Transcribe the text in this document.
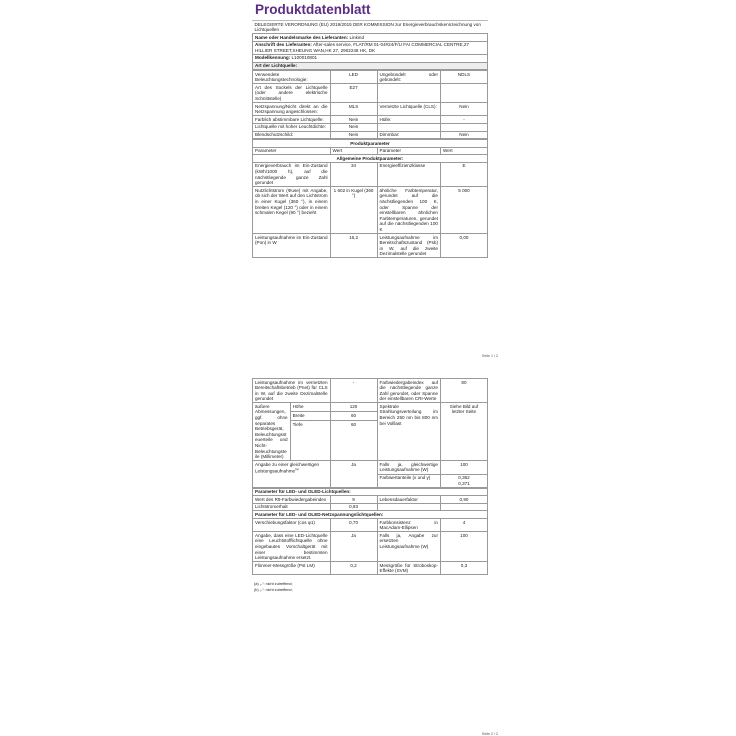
Produktdatenblatt
DELEGIERTE VERORDNUNG (EU) 2019/2015 DER KOMMISSION zur Energieverbrauchskennzeichnung von Lichtquellen
Name oder Handelsmarke des Lieferanten: Linkind
Anschrift des Lieferanten: After-sales service, FLAT/RM 01-04#24/F/U FAI COMMERCIAL CENTRE,27 HILLIER STREET,SHEUNG WAN,HK 27, 2902248 HK, DK
Modellkennung: L100010801
Art der Lichtquelle:
Verwendete Beleuchtungstechnologie:	LED	Ungebündelt oder gebündelt:	NDLS
Art des Sockels der Lichtquelle (oder andere elektrische Schnittstelle)	E27		
Netzspannung/Nicht direkt an die Netzspannung angeschlossen:	MLS	Vernetzte Lichtquelle (CLS):	Nein
Farblich abstimmbare Lichtquelle:	Nein	Hülle:	-
Lichtquelle mit hoher Leuchtdichte:	Nein		
Blendschutzschild:	Nein	Dimmbar:	Nein
Produktparameter			
Parameter	Wert	Parameter	Wert
Allgemeine Produktparameter:			
Energieverbrauch im Ein-Zustand (kWh/1000 h), auf die nächstliegende ganze Zahl gerundet	34	Energieeffizienzklasse	E
Nutzlichtstrom (Φuse) mit Angabe, ob sich der Wert auf den Lichtstrom in einer Kugel (360 °), in einem breiten Kegel (120 °) oder in einem schmalen Kegel (90 °) bezieht	1 602 in Kugel (360 °)	ähnliche Farbtemperatur, gerundet auf die nächstliegenden 100 K, oder Spanne der einstellbaren ähnlichen Farbtemperaturen, gerundet auf die nächstliegenden 100 K	5 000
Leistungsaufnahme im Ein-Zustand (Pon) in W	16,2	Leistungsaufnahme im Bereitschaftszustand (Psb) in W, auf die zweite Dezimalstelle gerundet	0,00
Seite 1 / 2
Leistungsaufnahme im vernetzten Bereitschaftsbetrieb (Pnet) für CLS in W, auf die zweite Dezimalstelle gerundet		-	Farbwiedergabeindex auf die nächstliegende ganze Zahl gerundet, oder Spanne der einstellbaren CRI-Werte	80
äußere Abmessungen, ggf. ohne separates Betriebsgerät, Beleuchtungssteuerteile und Nicht-Beleuchtungsteile (Millimeter)	Höhe	120	Spektrale Strahlungsverteilung im Bereich 250 nm bis 800 nm bei Volllast	Siehe Bild auf letzter Seite
	Breite	60		
	Tiefe	60		
Angabe zu einer gleichwertigen Leistungsaufnahme$^{(a)}$		Ja	Falls ja, gleichwertige Leistungsaufnahme (W)	100
			Farbwertanteile (x und y)	0,362
0,371
Parameter für LED- und OLED-Lichtquellen:			
Wert des R9-Farbwiedergabeindex	9	Lebensdauerfaktor	0,90
Lichtstromerhalt	0,93		
Parameter für LED- und OLED-Netzspannungslichtquellen:			
Verschiebungsfaktor (cos φ1)	0,70	Farbkonsistenz in MacAdam-Ellipsen	4
Angabe, dass eine LED-Lichtquelle eine Leuchtstofflichtquelle ohne eingebautes Vorschaltgerät mit einer bestimmten Leistungsaufnahme ersetzt.	Ja	Falls ja, Angabe zur ersetzten Leistungsaufnahme (W)	100
Flimmer-Messgröße (Pst LM)	0,2	Messgröße für Stroboskop-Effekte (SVM)	0,3
(a) „-“: nicht zutreffend;
(b) „-“: nicht zutreffend;
Seite 2 / 2
